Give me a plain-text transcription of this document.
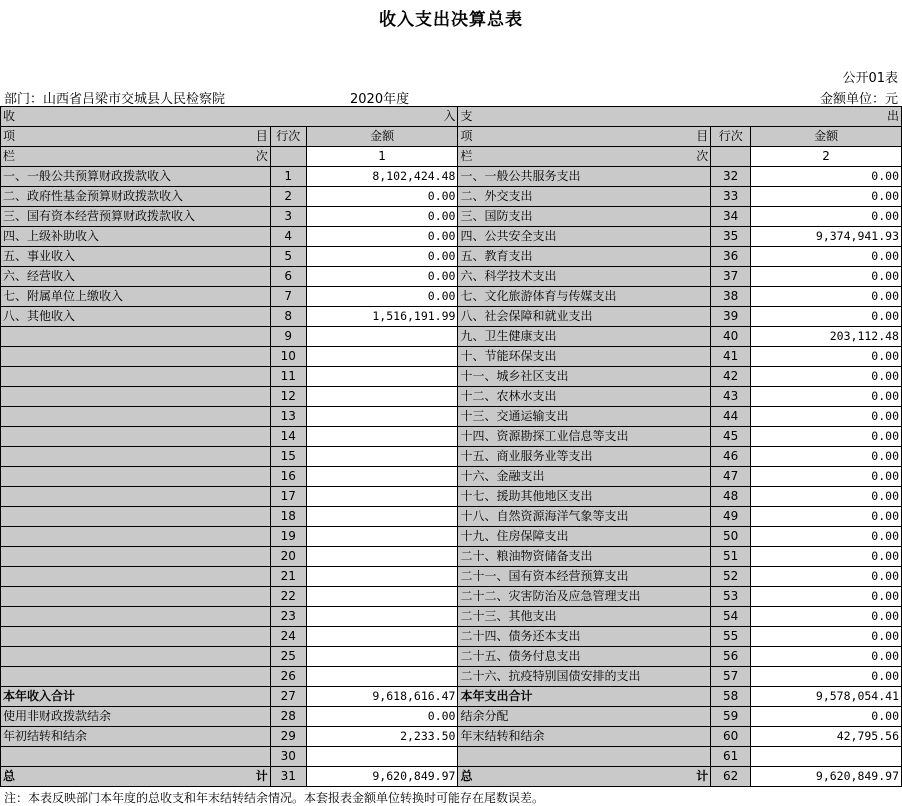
收入支出决算总表
公开01表
部门：山西省吕梁市交城县人民检察院	2020年度	金额单位：元
收 入			支 出		

项 目	行次	金额	项 目	行次	金额

栏 次		1	栏 次		2
一、一般公共预算财政拨款收入	1	8,102,424.48	一、一般公共服务支出	32	0.00
二、政府性基金预算财政拨款收入	2	0.00	二、外交支出	33	0.00
三、国有资本经营预算财政拨款收入	3	0.00	三、国防支出	34	0.00
四、上级补助收入	4	0.00	四、公共安全支出	35	9,374,941.93
五、事业收入	5	0.00	五、教育支出	36	0.00
六、经营收入	6	0.00	六、科学技术支出	37	0.00
七、附属单位上缴收入	7	0.00	七、文化旅游体育与传媒支出	38	0.00
八、其他收入	8	1,516,191.99	八、社会保障和就业支出	39	0.00
	9		九、卫生健康支出	40	203,112.48
	10		十、节能环保支出	41	0.00
	11		十一、城乡社区支出	42	0.00
	12		十二、农林水支出	43	0.00
	13		十三、交通运输支出	44	0.00
	14		十四、资源勘探工业信息等支出	45	0.00
	15		十五、商业服务业等支出	46	0.00
	16		十六、金融支出	47	0.00
	17		十七、援助其他地区支出	48	0.00
	18		十八、自然资源海洋气象等支出	49	0.00
	19		十九、住房保障支出	50	0.00
	20		二十、粮油物资储备支出	51	0.00
	21		二十一、国有资本经营预算支出	52	0.00
	22		二十二、灾害防治及应急管理支出	53	0.00
	23		二十三、其他支出	54	0.00
	24		二十四、债务还本支出	55	0.00
	25		二十五、债务付息支出	56	0.00
	26		二十六、抗疫特别国债安排的支出	57	0.00
本年收入合计	27	9,618,616.47	本年支出合计	58	9,578,054.41
使用非财政拨款结余	28	0.00	结余分配	59	0.00
年初结转和结余	29	2,233.50	年末结转和结余	60	42,795.56
	30			61	

总 计	31	9,620,849.97	总 计	62	9,620,849.97
注：本表反映部门本年度的总收支和年末结转结余情况。本套报表金额单位转换时可能存在尾数误差。
